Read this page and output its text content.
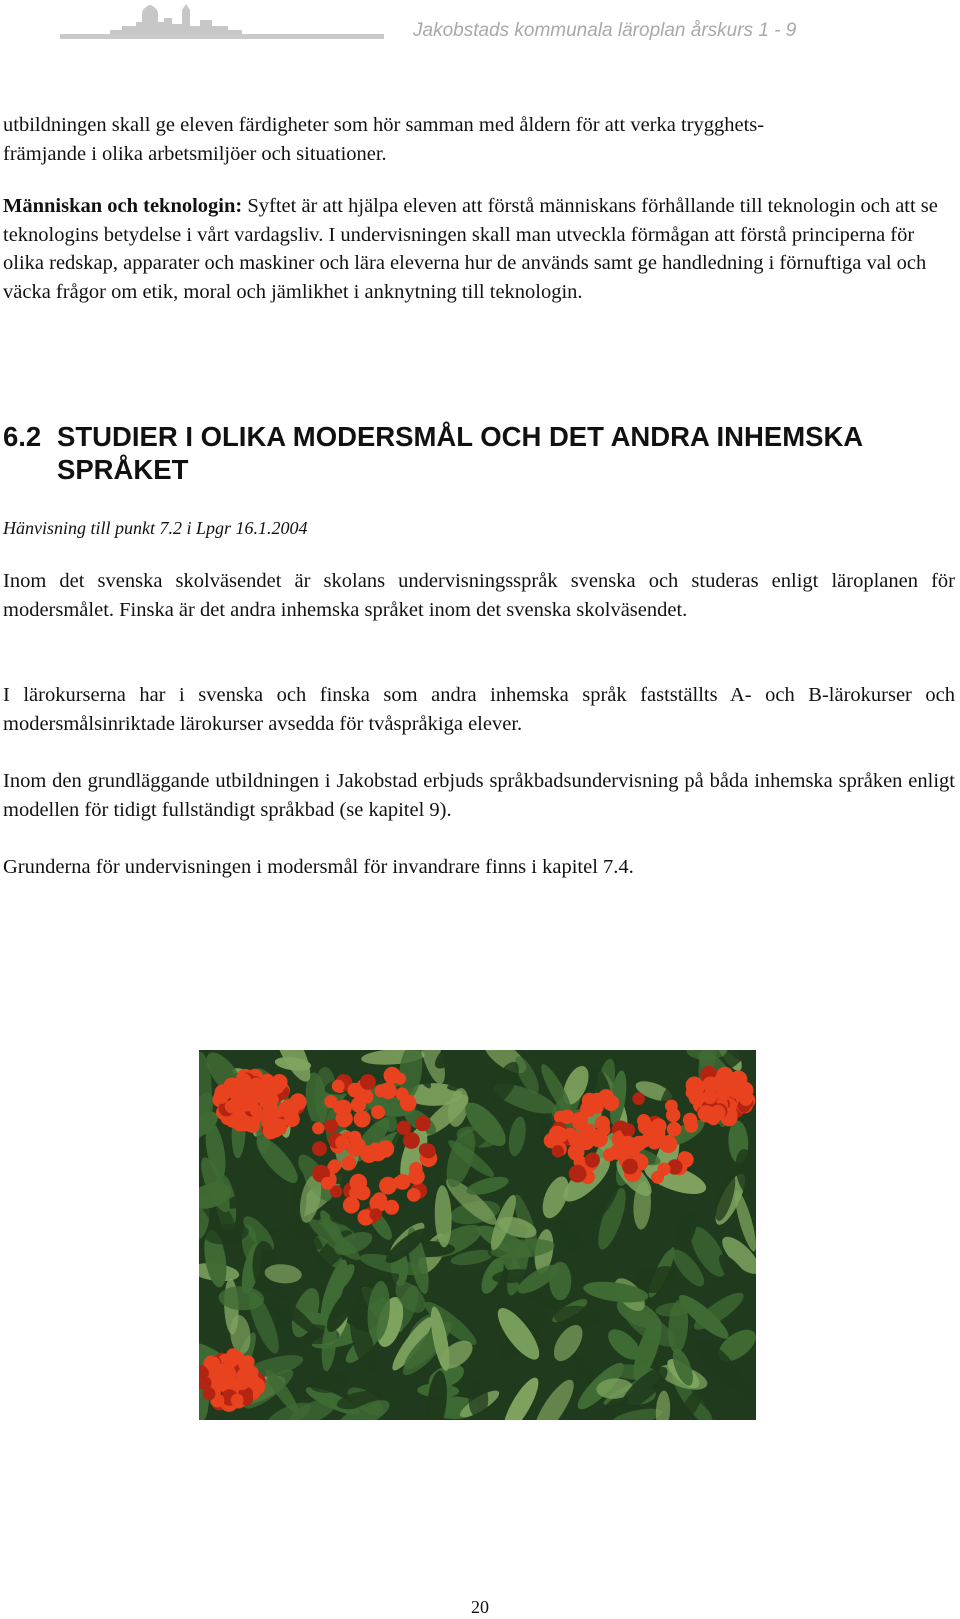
Jakobstads kommunala läroplan årskurs 1 - 9

utbildningen skall ge eleven färdigheter som hör samman med åldern för att verka trygghets-
främjande i olika arbetsmiljöer och situationer.

Människan och teknologin: Syftet är att hjälpa eleven att förstå människans förhållande till teknologin och att se teknologins betydelse i vårt vardagsliv. I undervisningen skall man utveckla förmågan att förstå principerna för olika redskap, apparater och maskiner och lära eleverna hur de används samt ge handledning i förnuftiga val och väcka frågor om etik, moral och jämlikhet i anknytning till teknologin.

6.2 STUDIER I OLIKA MODERSMÅL OCH DET ANDRA INHEMSKA SPRÅKET

Hänvisning till punkt 7.2 i Lpgr 16.1.2004

Inom det svenska skolväsendet är skolans undervisningsspråk svenska och studeras enligt läroplanen för modersmålet. Finska är det andra inhemska språket inom det svenska skolväsendet.

I lärokurserna har i svenska och finska som andra inhemska språk fastställts A- och B-lärokurser och modersmålsinriktade lärokurser avsedda för tvåspråkiga elever.

Inom den grundläggande utbildningen i Jakobstad erbjuds språkbadsundervisning på båda inhemska språken enligt modellen för tidigt fullständigt språkbad (se kapitel 9).

Grunderna för undervisningen i modersmål för invandrare finns i kapitel 7.4.

20
